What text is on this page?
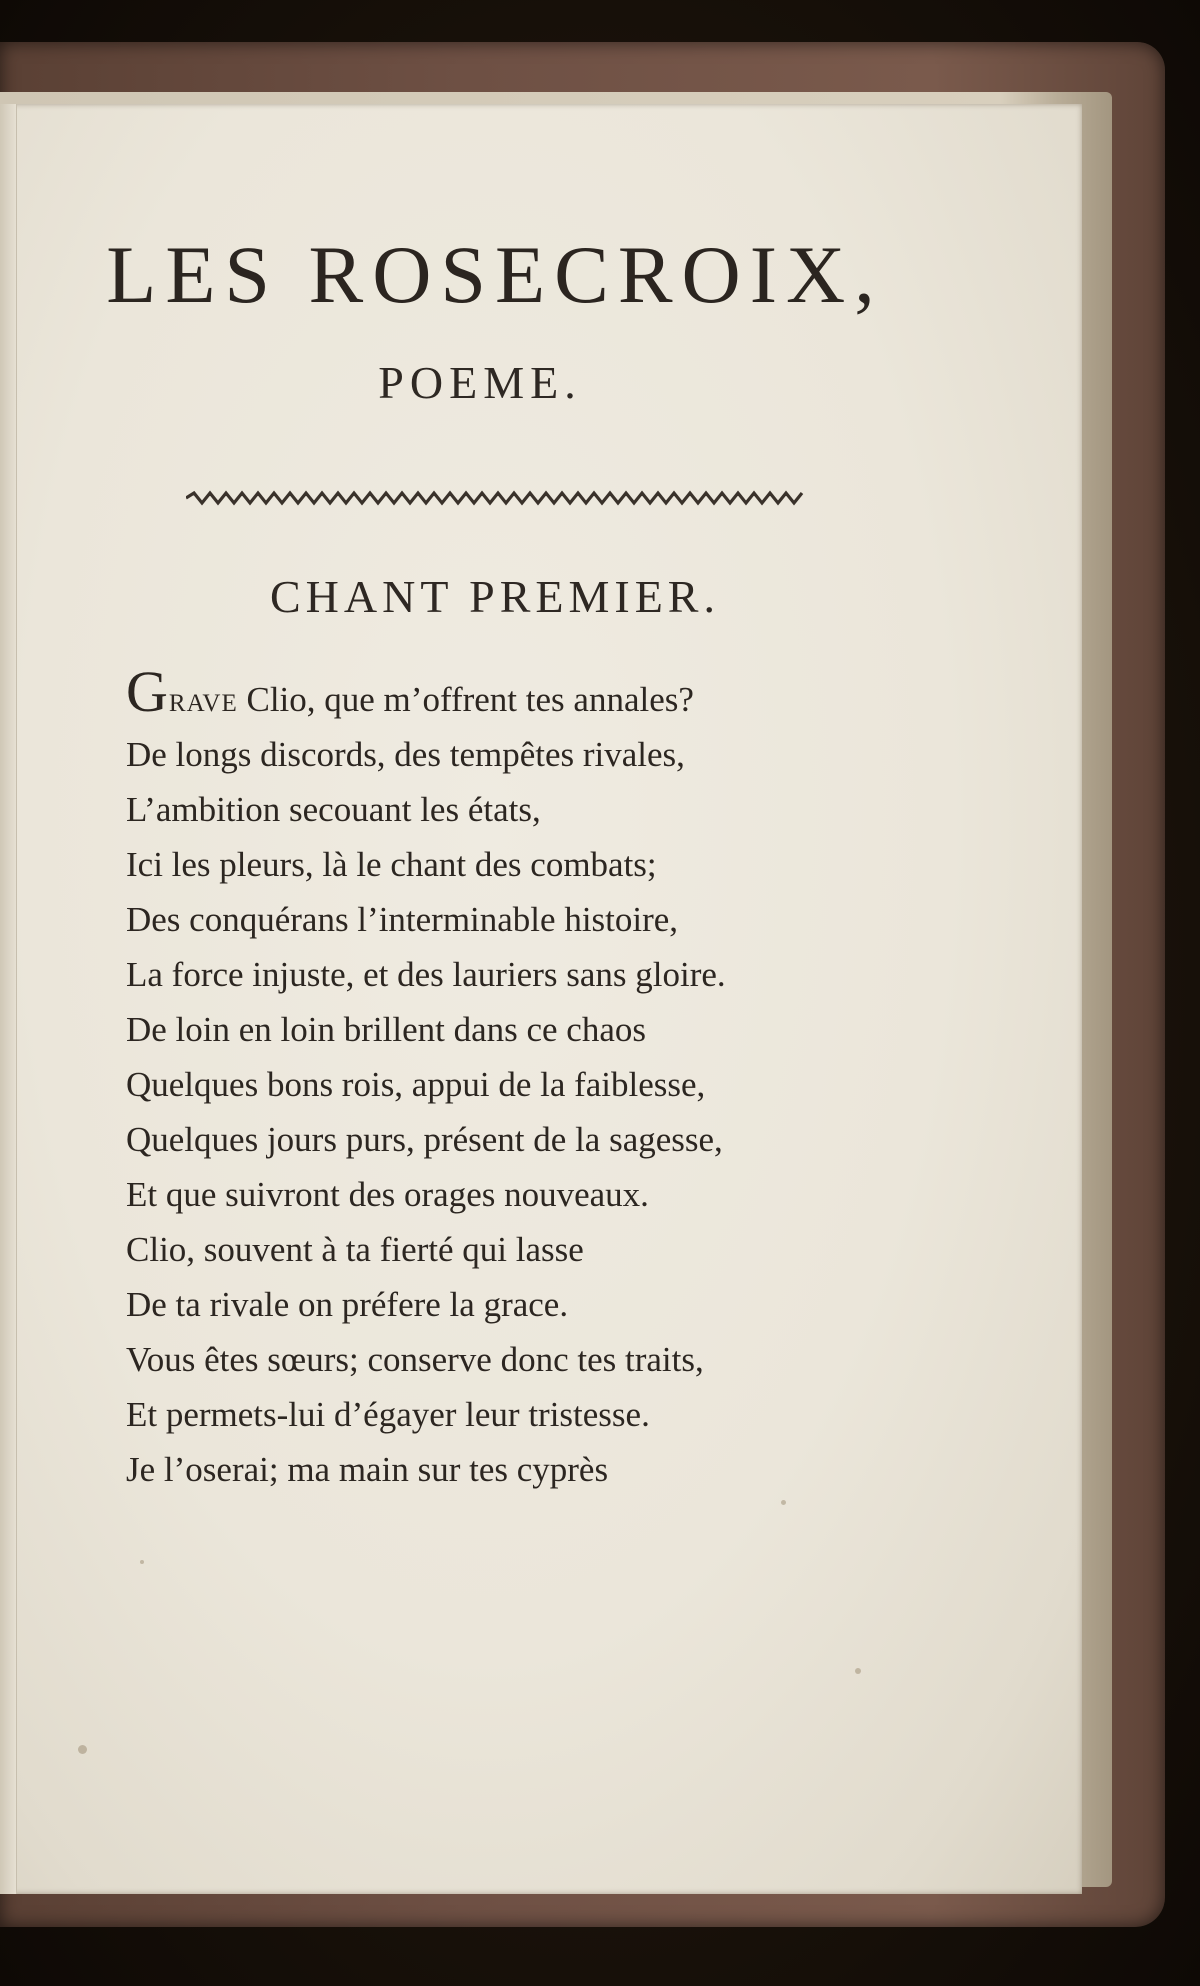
LES ROSECROIX,
POEME.
CHANT PREMIER.
Grave Clio, que m’offrent tes annales?
De longs discords, des tempêtes rivales,
L’ambition secouant les états,
Ici les pleurs, là le chant des combats;
Des conquérans l’interminable histoire,
La force injuste, et des lauriers sans gloire.
De loin en loin brillent dans ce chaos
Quelques bons rois, appui de la faiblesse,
Quelques jours purs, présent de la sagesse,
Et que suivront des orages nouveaux.
Clio, souvent à ta fierté qui lasse
De ta rivale on préfere la grace.
Vous êtes sœurs; conserve donc tes traits,
Et permets-lui d’égayer leur tristesse.
Je l’oserai; ma main sur tes cyprès
